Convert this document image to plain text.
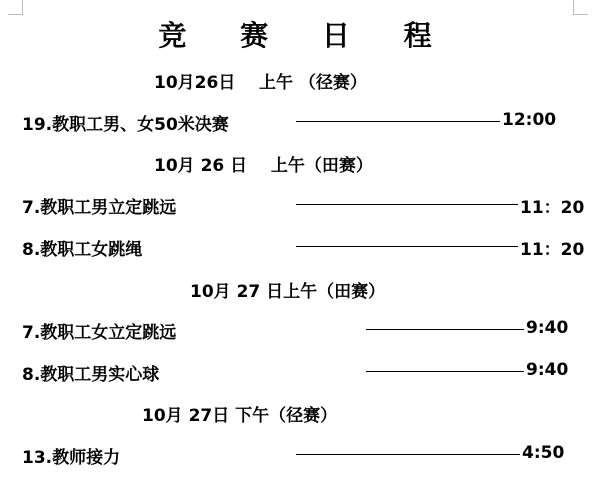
竞 赛 日 程
10月26日    上午 （径赛）
19.教职工男、女50米决赛	12:00
10月 26 日    上午（田赛）
7.教职工男立定跳远	11：20
8.教职工女跳绳	11：20
10月 27 日上午（田赛）
7.教职工女立定跳远	9:40
8.教职工男实心球	9:40
10月 27日 下午（径赛）
13.教师接力	4:50
